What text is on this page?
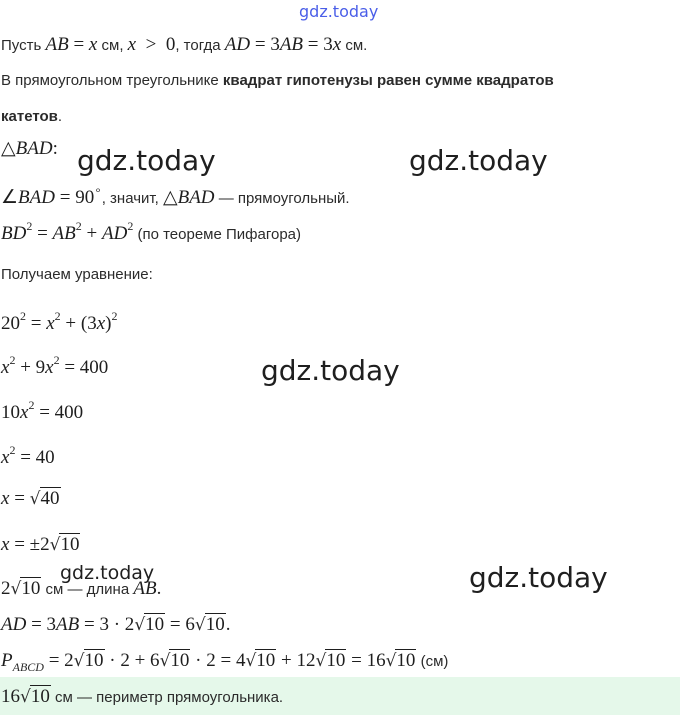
gdz.today
Пусть AB = x см, x  >  0, тогда AD = 3AB = 3x см.
В прямоугольном треугольнике квадрат гипотенузы равен сумме квадратов
катетов.
△BAD: gdz.today	gdz.today
∠BAD = 90∘, значит, △BAD — прямоугольный.
$BD^2 = AB^2 + AD^2$ (по теореме Пифагора)
Получаем уравнение:
$20^2 = x^2 + (3x)^2$
$x^2 + 9x^2 = 400$	gdz.today
$10x^2 = 400$
$x^2 = 40$
x = √40
x = ±2√10
gdz.today	gdz.today
2√10 см — длина AB.
AD = 3AB = 3 · 2√10 = 6√10.
$P_{ABCD} = 2√10 \cdot 2 + 6√10 \cdot 2 = 4√10 + 12√10 = 16√10$ (см)
16√10 см — периметр прямоугольника.
